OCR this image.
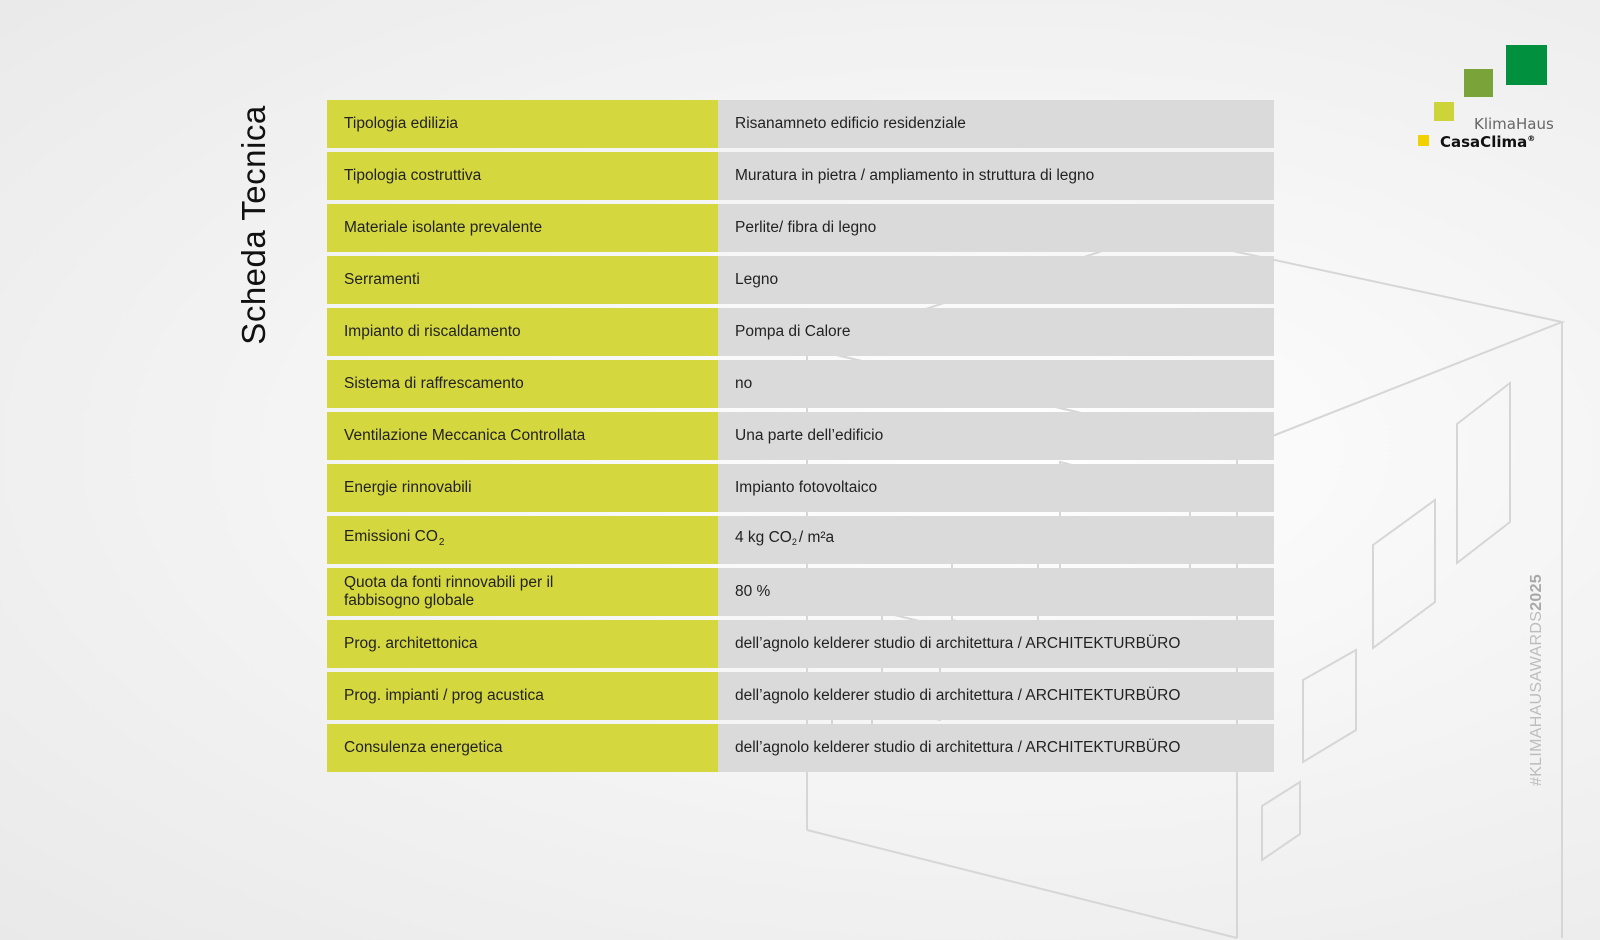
Scheda Tecnica	Tipologia edilizia	Risanamneto edificio residenziale
Tipologia costruttiva	Muratura in pietra / ampliamento in struttura di legno
Materiale isolante prevalente	Perlite/ fibra di legno
Serramenti	Legno
Impianto di riscaldamento	Pompa di Calore
Sistema di raffrescamento	no
Ventilazione Meccanica Controllata	Una parte dell’edificio
Energie rinnovabili	Impianto fotovoltaico
Emissioni $CO_2$	4 kg CO2 / m²a
Quota da fonti rinnovabili per il
fabbisogno globale	80 %
Prog. architettonica	dell’agnolo kelderer studio di architettura / ARCHITEKTURBÜRO
Prog. impianti / prog acustica	dell’agnolo kelderer studio di architettura / ARCHITEKTURBÜRO
Consulenza energetica	dell’agnolo kelderer studio di architettura / ARCHITEKTURBÜRO
KlimaHaus
CasaClima®
#KLIMAHAUSAWARDS2025
